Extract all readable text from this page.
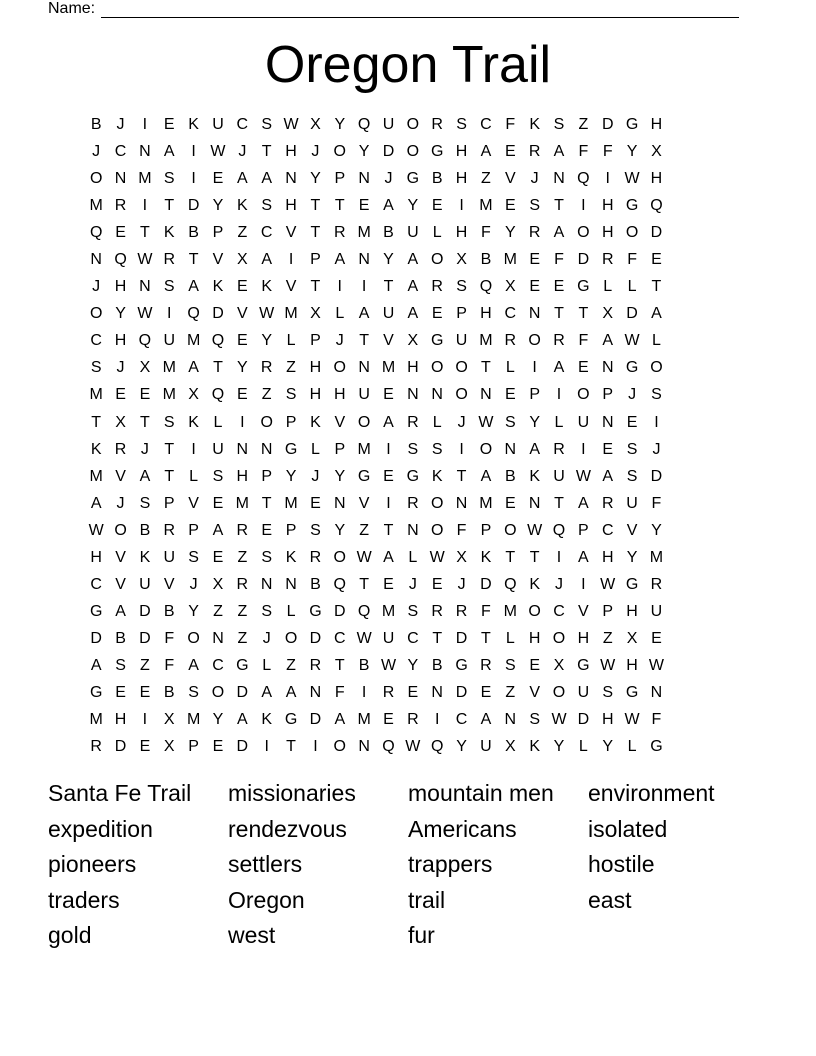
Name:
Oregon Trail
B J	I	E K U C S W X Y Q U O R S C F K S Z D G H
J C N A	I W J T H J O Y D O G H A E R A F F Y X
O N M S	I	E A A N Y P N J G B H Z V J N Q I W H
M R	I	T D Y K S H T T E A Y E	I M E S T	I	H G Q
Q E T K B P Z C V T R M B U L H F Y R A O H O D
N Q W R T V X A	I	P A N Y A O X B M E F D R F E
J H N S A K E K V T	I	I	T A R S Q X E E G L L T
O Y W I Q D V W M X L A U A E P H C N T T X D A
C H Q U M Q E Y L P J T V X G U M R O R F A W L
S J X M A T Y R Z H O N M H O O T L	I	A E N G O
M E E M X Q E Z S H H U E N N O N E P	I O P J S
T X T S K L	I O P K V O A R L J W S Y L U N E	I
K R J T	I	U N N G L P M I	S S	I O N A R	I	E S J
M V A T L S H P Y J Y G E G K T A B K U W A S D
A J S P V E M T M E N V	I	R O N M E N T A R U F
W O B R P A R E P S Y Z T N O F P O W Q P C V Y
H V K U S E Z S K R O W A L W X K T T	I	A H Y M
C V U V J X R N N B Q T E J E J D Q K J	I W G R
G A D B Y Z Z S L G D Q M S R R F M O C V P H U
D B D F O N Z J O D C W U C T D T L H O H Z X E
A S Z F A C G L Z R T B W Y B G R S E X G W H W
G E E B S O D A A N F	I	R E N D E Z V O U S G N
M H	I	X M Y A K G D A M E R	I	C A N S W D H W F
R D E X P E D	I	T	I O N Q W Q Y U X K Y L Y L G
Santa Fe Trail	missionaries	mountain men	environment
expedition	rendezvous	Americans	isolated
pioneers	settlers	trappers	hostile
traders	Oregon	trail	east
gold	west	fur
